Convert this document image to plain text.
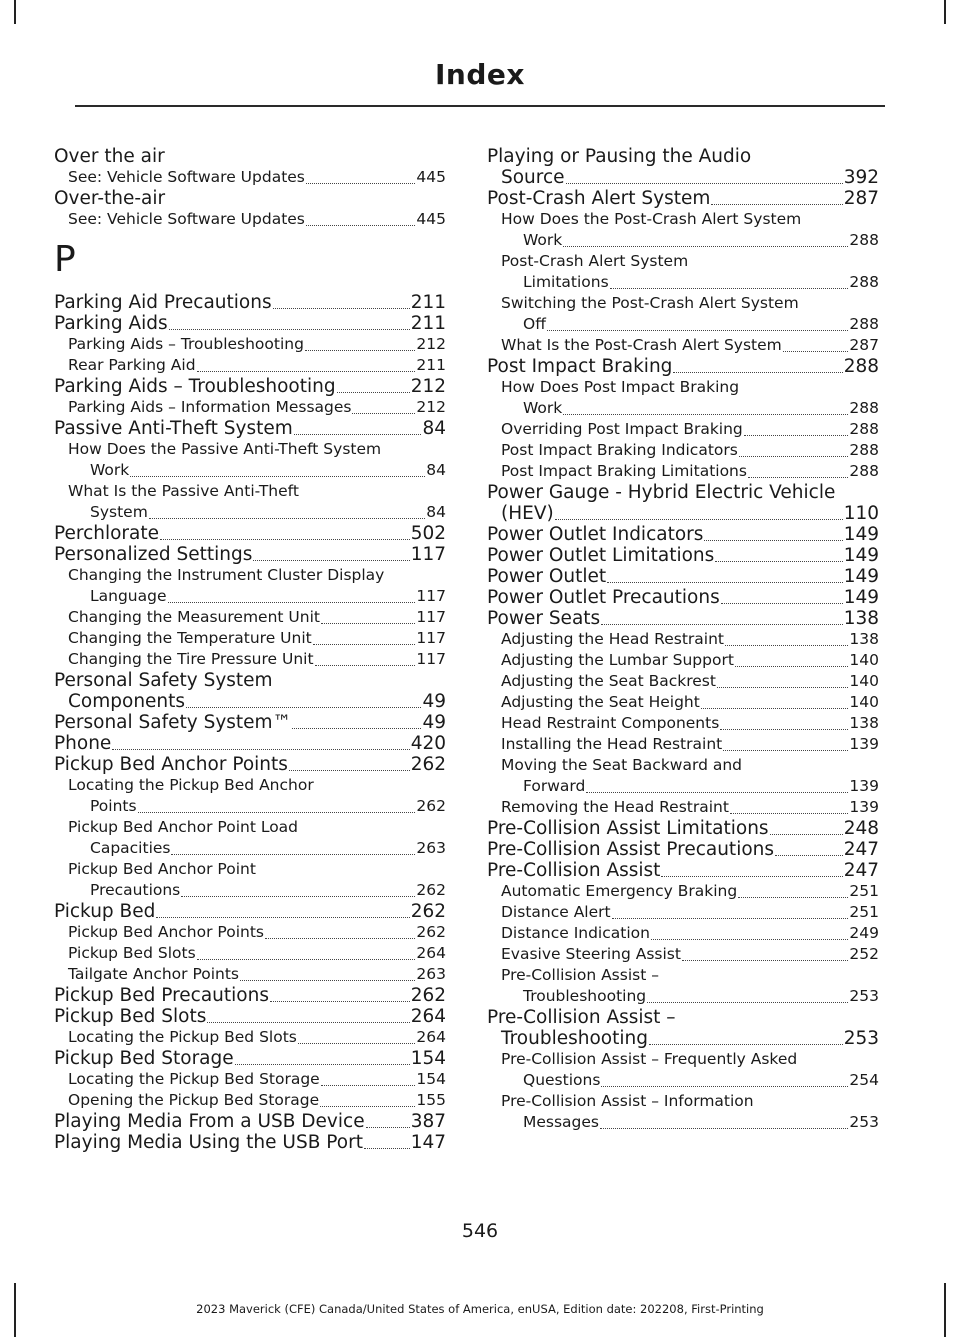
Index
Over the air
See: Vehicle Software Updates	445
Over-the-air
See: Vehicle Software Updates	445
P
Parking Aid Precautions	211
Parking Aids	211
Parking Aids – Troubleshooting	212
Rear Parking Aid	211
Parking Aids – Troubleshooting	212
Parking Aids – Information Messages	212
Passive Anti-Theft System	84
How Does the Passive Anti-Theft System
Work	84
What Is the Passive Anti-Theft
System	84
Perchlorate	502
Personalized Settings	117
Changing the Instrument Cluster Display
Language	117
Changing the Measurement Unit	117
Changing the Temperature Unit	117
Changing the Tire Pressure Unit	117
Personal Safety System
Components	49
Personal Safety System™	49
Phone	420
Pickup Bed Anchor Points	262
Locating the Pickup Bed Anchor
Points	262
Pickup Bed Anchor Point Load
Capacities	263
Pickup Bed Anchor Point
Precautions	262
Pickup Bed	262
Pickup Bed Anchor Points	262
Pickup Bed Slots	264
Tailgate Anchor Points	263
Pickup Bed Precautions	262
Pickup Bed Slots	264
Locating the Pickup Bed Slots	264
Pickup Bed Storage	154
Locating the Pickup Bed Storage	154
Opening the Pickup Bed Storage	155
Playing Media From a USB Device 387
Playing Media Using the USB Port	147
Playing or Pausing the Audio
Source	392
Post-Crash Alert System	287
How Does the Post-Crash Alert System
Work	288
Post-Crash Alert System
Limitations	288
Switching the Post-Crash Alert System
Off	288
What Is the Post-Crash Alert System	287
Post Impact Braking	288
How Does Post Impact Braking
Work	288
Overriding Post Impact Braking	288
Post Impact Braking Indicators	288
Post Impact Braking Limitations	288
Power Gauge - Hybrid Electric Vehicle
(HEV)	110
Power Outlet Indicators	149
Power Outlet Limitations	149
Power Outlet	149
Power Outlet Precautions	149
Power Seats	138
Adjusting the Head Restraint	138
Adjusting the Lumbar Support	140
Adjusting the Seat Backrest	140
Adjusting the Seat Height	140
Head Restraint Components	138
Installing the Head Restraint	139
Moving the Seat Backward and
Forward	139
Removing the Head Restraint	139
Pre-Collision Assist Limitations	248
Pre-Collision Assist Precautions	247
Pre-Collision Assist	247
Automatic Emergency Braking	251
Distance Alert	251
Distance Indication	249
Evasive Steering Assist	252
Pre-Collision Assist –
Troubleshooting	253
Pre-Collision Assist –
Troubleshooting	253
Pre-Collision Assist – Frequently Asked
Questions	254
Pre-Collision Assist – Information
Messages	253
546
2023 Maverick (CFE) Canada/United States of America, enUSA, Edition date: 202208, First-Printing
